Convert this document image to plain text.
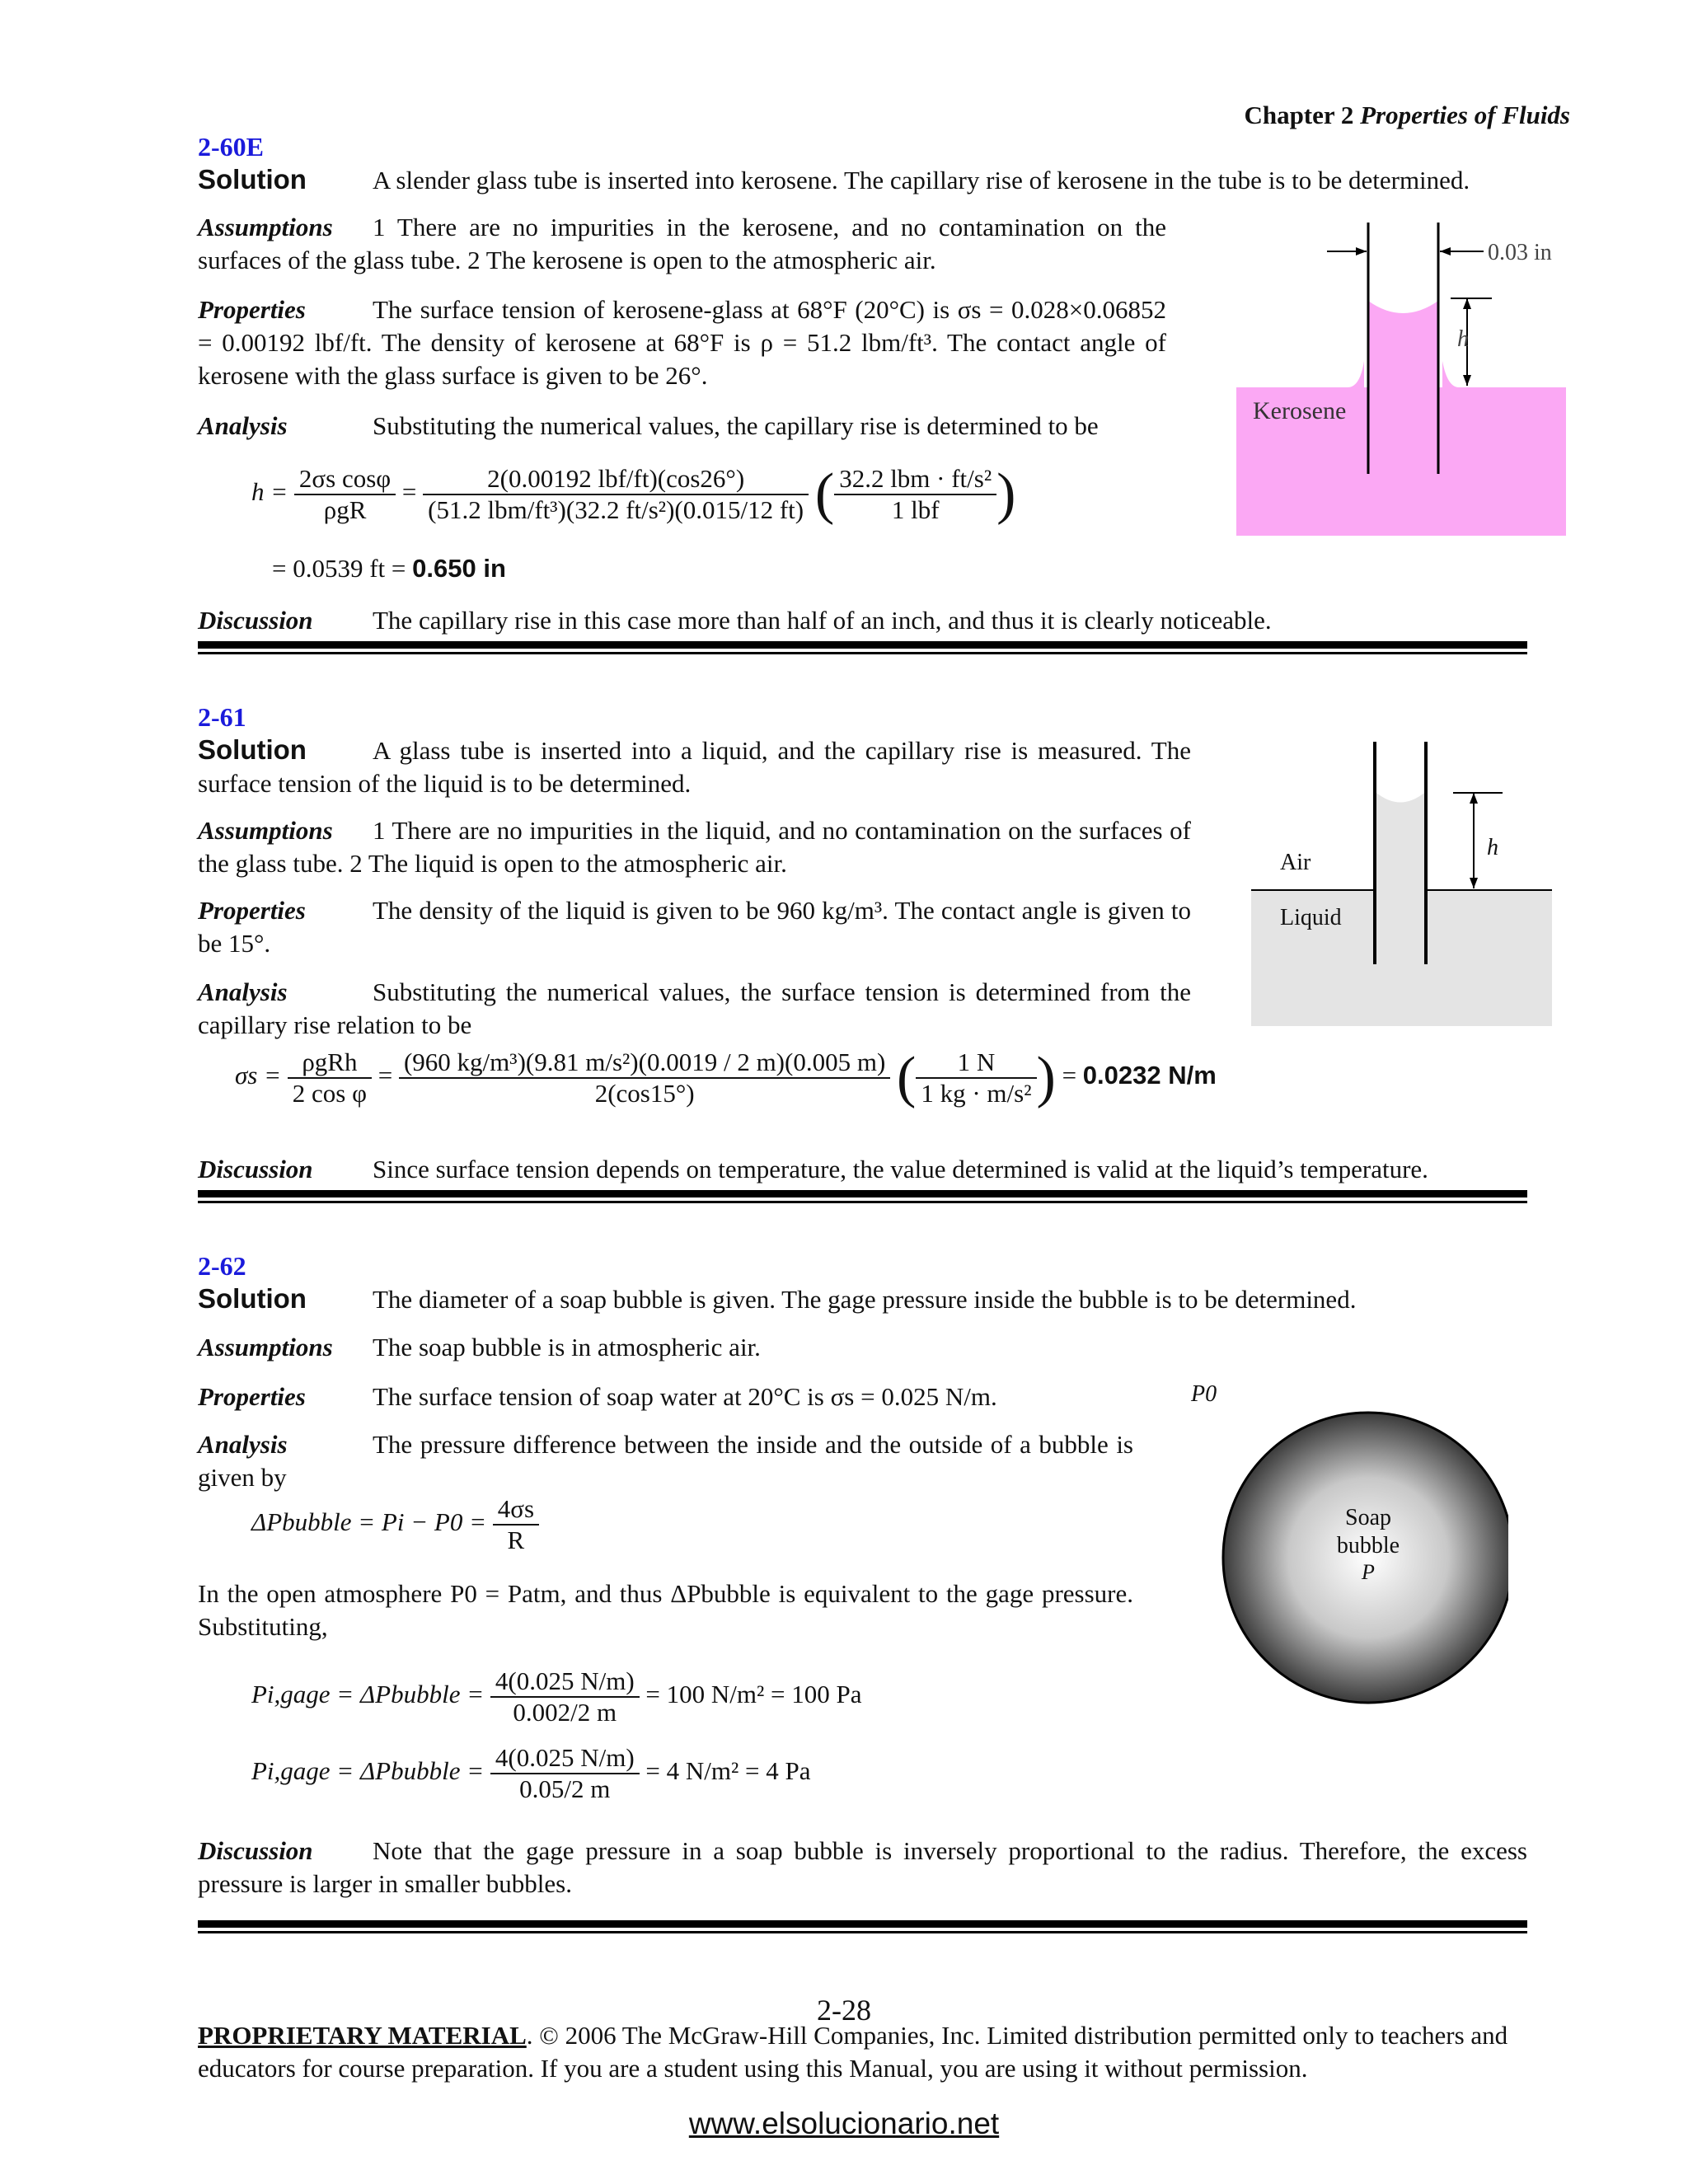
Chapter 2 Properties of Fluids
2-60E
Solution	A slender glass tube is inserted into kerosene. The capillary rise of kerosene in the tube is to be determined.
Assumptions 1 There are no impurities in the kerosene, and no contamination on the surfaces of the glass tube. 2 The kerosene is open to the atmospheric air.
Properties	The surface tension of kerosene-glass at 68°F (20°C) is σs = 0.028×0.06852 = 0.00192 lbf/ft. The density of kerosene at 68°F is ρ = 51.2 lbm/ft³. The contact angle of kerosene with the glass surface is given to be 26°.
Analysis	Substituting the numerical values, the capillary rise is determined to be
$h = \frac{\text{2σs cosφ}}{\text{ρgR}} = \frac{\text{2(0.00192 lbf/ft)(cos26°)}}{\text{(51.2 lbm/ft³)(32.2 ft/s²)(0.015/12 ft)}}$ ( $\frac{\text{32.2 lbm · ft/s²}}{\text{1 lbf}}$ )
= 0.0539 ft = 0.650 in
Discussion The capillary rise in this case more than half of an inch, and thus it is clearly noticeable.
0.03 in
h
Kerosene
2-61
Solution	A glass tube is inserted into a liquid, and the capillary rise is measured. The surface tension of the liquid is to be determined.
Assumptions 1 There are no impurities in the liquid, and no contamination on the surfaces of the glass tube. 2 The liquid is open to the atmospheric air.
Properties	The density of the liquid is given to be 960 kg/m³. The contact angle is given to be 15°.
Analysis	Substituting the numerical values, the surface tension is determined from the capillary rise relation to be
$\sigma s = \frac{\text{ρgRh}}{\text{2 cos φ}} = \frac{\text{(960 kg/m³)(9.81 m/s²)(0.0019 / 2 m)(0.005 m)}}{2(\cos 15^\circ)}$ ( $\frac{1 N}{\text{1 kg · m/s²}}$ ) = 0.0232 N/m
Discussion Since surface tension depends on temperature, the value determined is valid at the liquid’s temperature.
h
Air
Liquid
2-62
Solution	The diameter of a soap bubble is given. The gage pressure inside the bubble is to be determined.
Assumptions The soap bubble is in atmospheric air.
Properties	The surface tension of soap water at 20°C is σs = 0.025 N/m.
Analysis	The pressure difference between the inside and the outside of a bubble is given by
ΔPbubble = $Pi - P0 = \frac{4\sigma s}{R}$
In the open atmosphere P0 = Patm, and thus ΔPbubble is equivalent to the gage pressure. Substituting,
Pi,gage = ΔPbubble = $\frac{4(0.025 N/m)}{0.002/2 m} = 100$ N/m² = 100 Pa
Pi,gage = ΔPbubble = $\frac{4(0.025 N/m)}{0.05/2 m} = 4$ N/m² = 4 Pa
Discussion Note that the gage pressure in a soap bubble is inversely proportional to the radius. Therefore, the excess pressure is larger in smaller bubbles.
P0
Soap
bubble
P
2-28
PROPRIETARY MATERIAL. © 2006 The McGraw-Hill Companies, Inc. Limited distribution permitted only to teachers and educators for course preparation. If you are a student using this Manual, you are using it without permission.
www.elsolucionario.net
